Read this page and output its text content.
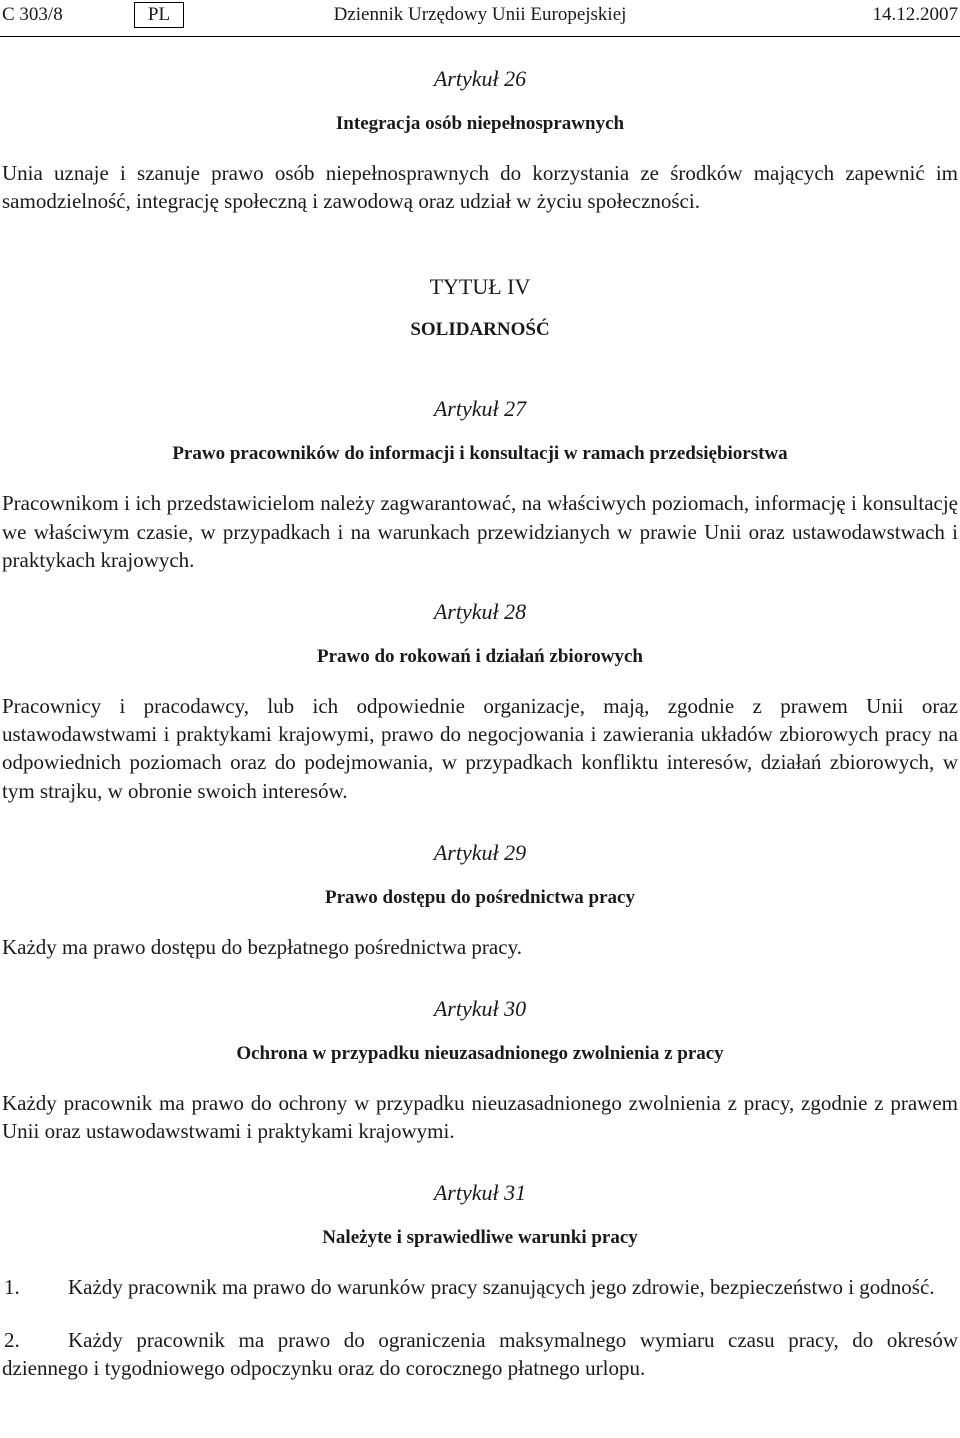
C 303/8	PL	Dziennik Urzędowy Unii Europejskiej	14.12.2007

Artykuł 26

Integracja osób niepełnosprawnych

Unia uznaje i szanuje prawo osób niepełnosprawnych do korzystania ze środków mających zapewnić im samodzielność, integrację społeczną i zawodową oraz udział w życiu społeczności.

TYTUŁ IV

SOLIDARNOŚĆ

Artykuł 27

Prawo pracowników do informacji i konsultacji w ramach przedsiębiorstwa

Pracownikom i ich przedstawicielom należy zagwarantować, na właściwych poziomach, informację i konsultację we właściwym czasie, w przypadkach i na warunkach przewidzianych w prawie Unii oraz ustawodawstwach i praktykach krajowych.

Artykuł 28

Prawo do rokowań i działań zbiorowych

Pracownicy i pracodawcy, lub ich odpowiednie organizacje, mają, zgodnie z prawem Unii oraz ustawodawstwami i praktykami krajowymi, prawo do negocjowania i zawierania układów zbiorowych pracy na odpowiednich poziomach oraz do podejmowania, w przypadkach konfliktu interesów, działań zbiorowych, w tym strajku, w obronie swoich interesów.

Artykuł 29

Prawo dostępu do pośrednictwa pracy

Każdy ma prawo dostępu do bezpłatnego pośrednictwa pracy.

Artykuł 30

Ochrona w przypadku nieuzasadnionego zwolnienia z pracy

Każdy pracownik ma prawo do ochrony w przypadku nieuzasadnionego zwolnienia z pracy, zgodnie z prawem Unii oraz ustawodawstwami i praktykami krajowymi.

Artykuł 31

Należyte i sprawiedliwe warunki pracy

1.	Każdy pracownik ma prawo do warunków pracy szanujących jego zdrowie, bezpieczeństwo i godność.

2.	Każdy pracownik ma prawo do ograniczenia maksymalnego wymiaru czasu pracy, do okresów dziennego i tygodniowego odpoczynku oraz do corocznego płatnego urlopu.
